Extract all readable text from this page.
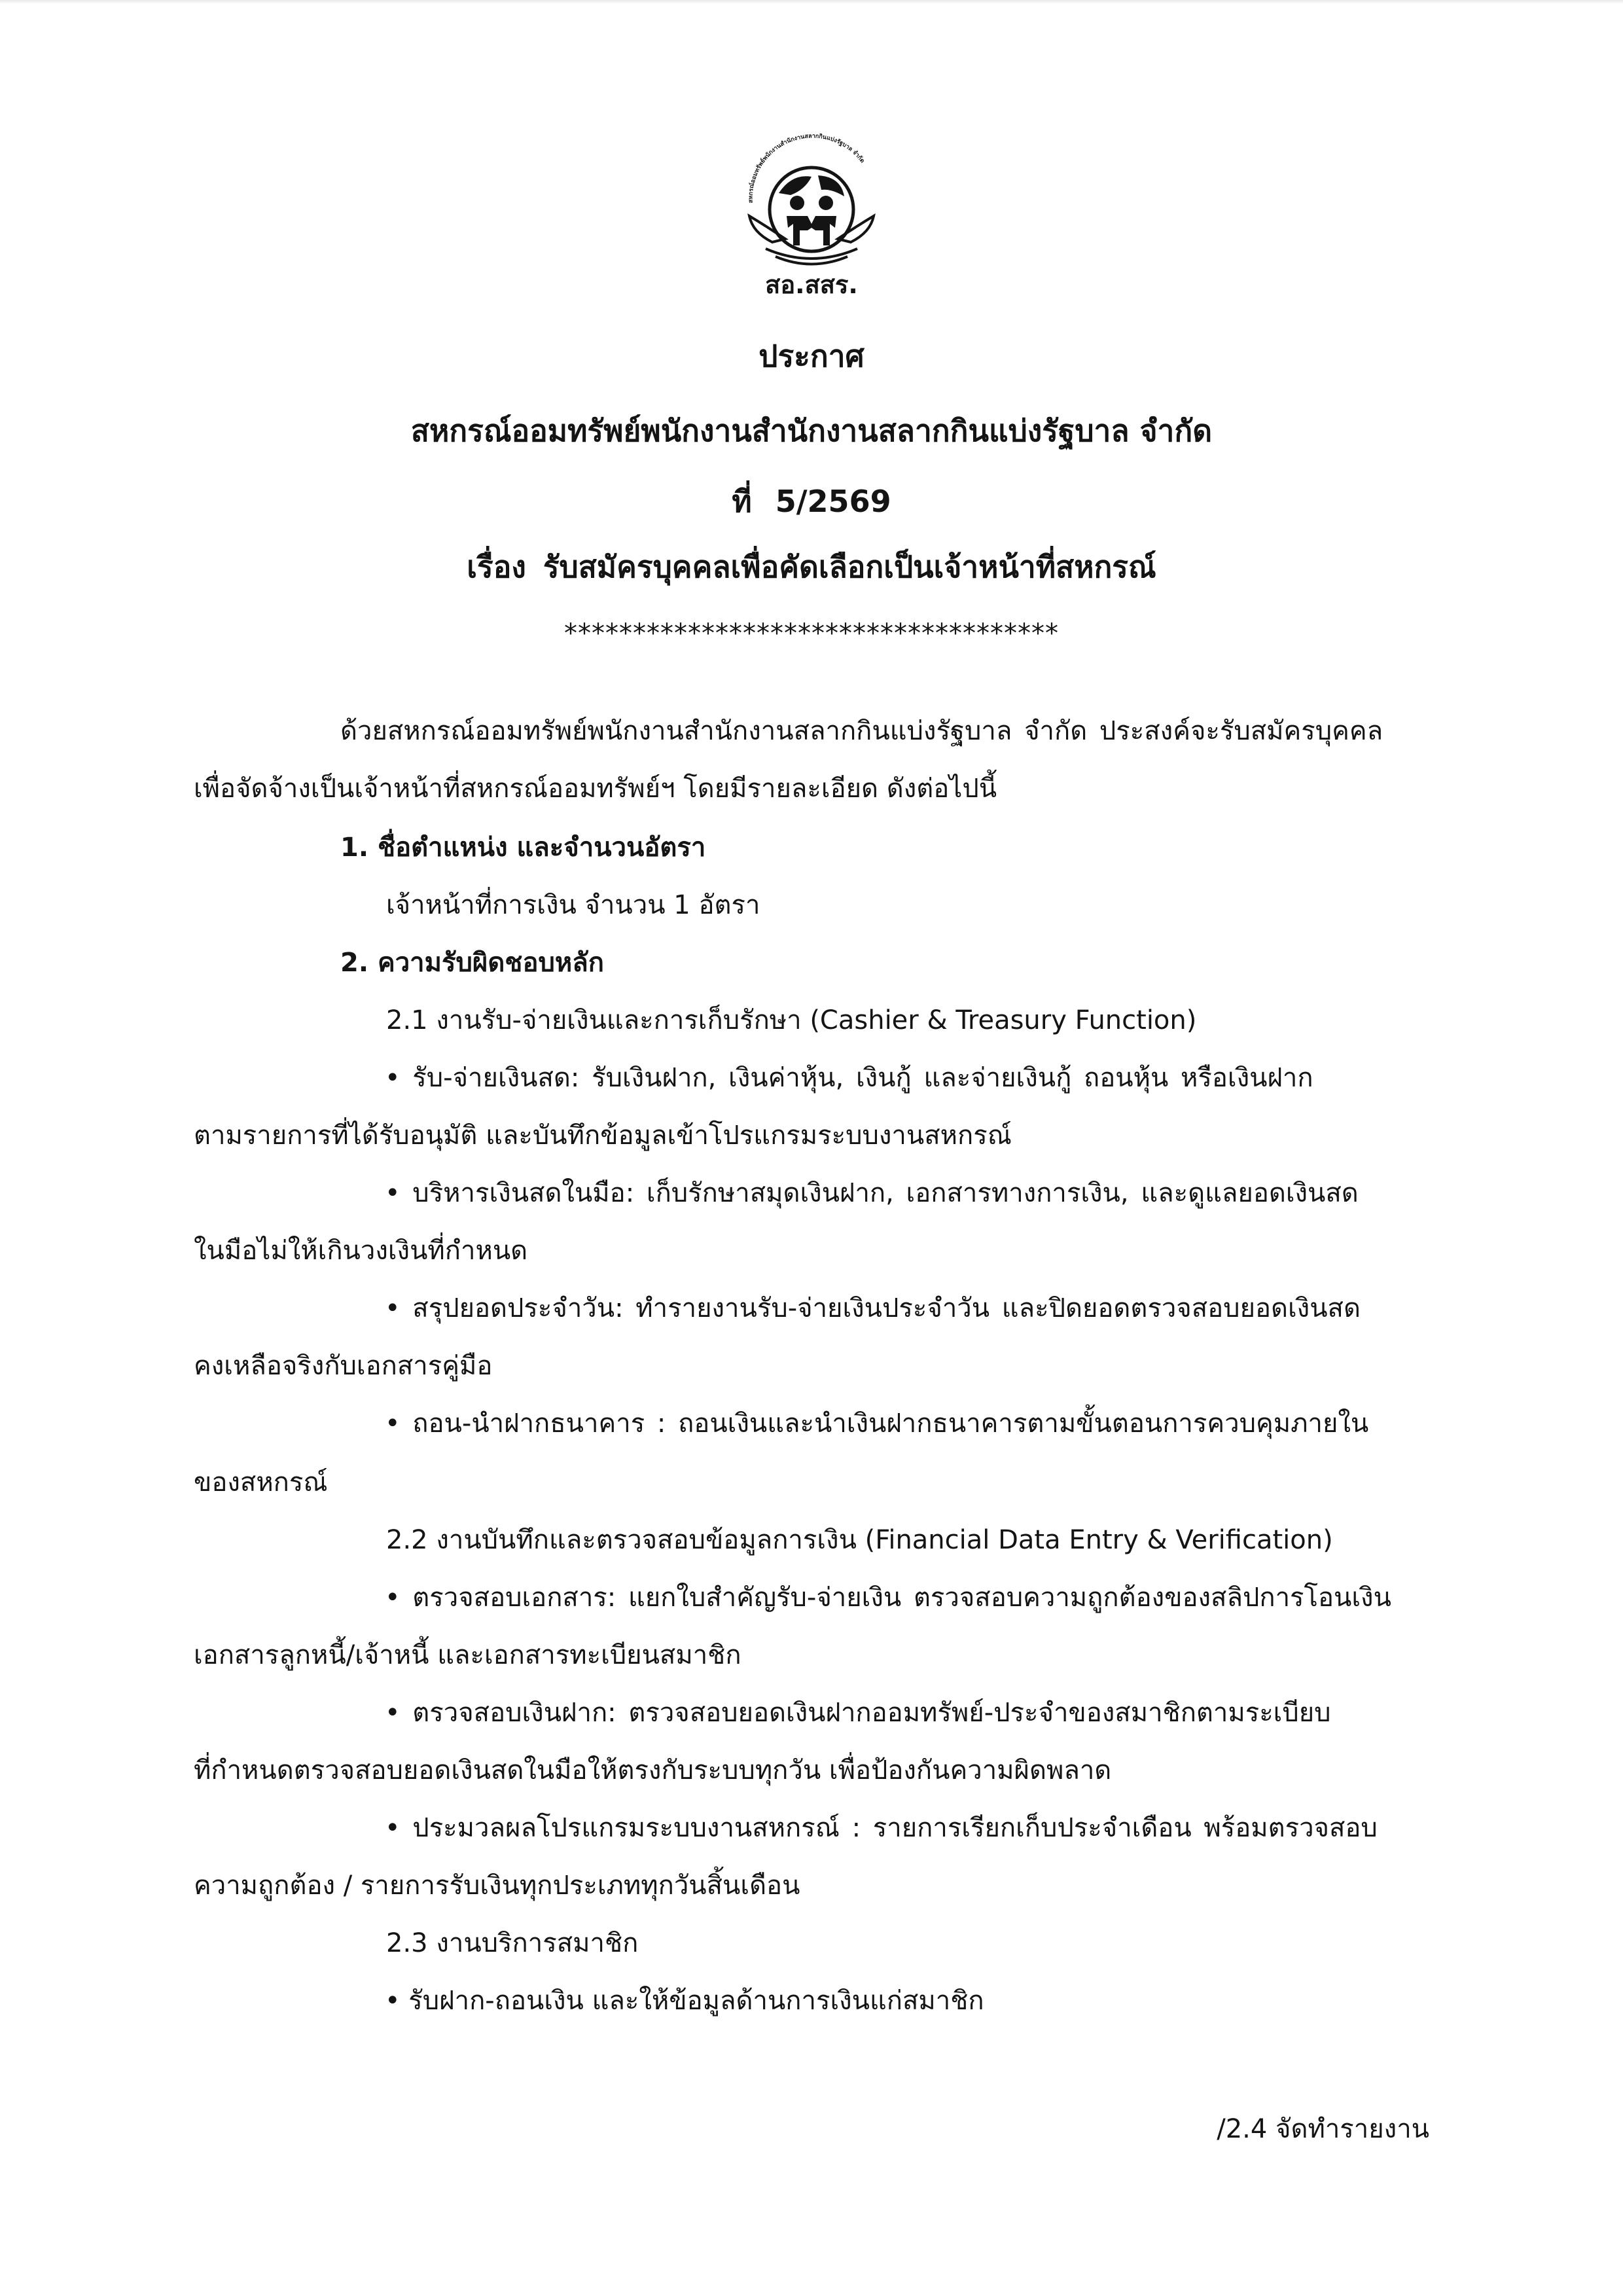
สหกรณ์ออมทรัพย์พนักงานสำนักงานสลากกินแบ่งรัฐบาล จำกัด
สอ.สสร.
ประกาศ
สหกรณ์ออมทรัพย์พนักงานสำนักงานสลากกินแบ่งรัฐบาล จำกัด
ที่ 5/2569
เรื่อง รับสมัครบุคคลเพื่อคัดเลือกเป็นเจ้าหน้าที่สหกรณ์
************************************
ด้วยสหกรณ์ออมทรัพย์พนักงานสำนักงานสลากกินแบ่งรัฐบาล จำกัด ประสงค์จะรับสมัครบุคคล
เพื่อจัดจ้างเป็นเจ้าหน้าที่สหกรณ์ออมทรัพย์ฯ โดยมีรายละเอียด ดังต่อไปนี้
1. ชื่อตำแหน่ง และจำนวนอัตรา
เจ้าหน้าที่การเงิน จำนวน 1 อัตรา
2. ความรับผิดชอบหลัก
2.1 งานรับ-จ่ายเงินและการเก็บรักษา (Cashier & Treasury Function)
• รับ-จ่ายเงินสด: รับเงินฝาก, เงินค่าหุ้น, เงินกู้ และจ่ายเงินกู้ ถอนหุ้น หรือเงินฝาก
ตามรายการที่ได้รับอนุมัติ และบันทึกข้อมูลเข้าโปรแกรมระบบงานสหกรณ์
• บริหารเงินสดในมือ: เก็บรักษาสมุดเงินฝาก, เอกสารทางการเงิน, และดูแลยอดเงินสด
ในมือไม่ให้เกินวงเงินที่กำหนด
• สรุปยอดประจำวัน: ทำรายงานรับ-จ่ายเงินประจำวัน และปิดยอดตรวจสอบยอดเงินสด
คงเหลือจริงกับเอกสารคู่มือ
• ถอน-นำฝากธนาคาร : ถอนเงินและนำเงินฝากธนาคารตามขั้นตอนการควบคุมภายใน
ของสหกรณ์
2.2 งานบันทึกและตรวจสอบข้อมูลการเงิน (Financial Data Entry & Verification)
• ตรวจสอบเอกสาร: แยกใบสำคัญรับ-จ่ายเงิน ตรวจสอบความถูกต้องของสลิปการโอนเงิน
เอกสารลูกหนี้/เจ้าหนี้ และเอกสารทะเบียนสมาชิก
• ตรวจสอบเงินฝาก: ตรวจสอบยอดเงินฝากออมทรัพย์-ประจำของสมาชิกตามระเบียบ
ที่กำหนดตรวจสอบยอดเงินสดในมือให้ตรงกับระบบทุกวัน เพื่อป้องกันความผิดพลาด
• ประมวลผลโปรแกรมระบบงานสหกรณ์ : รายการเรียกเก็บประจำเดือน พร้อมตรวจสอบ
ความถูกต้อง / รายการรับเงินทุกประเภททุกวันสิ้นเดือน
2.3 งานบริการสมาชิก
• รับฝาก-ถอนเงิน และให้ข้อมูลด้านการเงินแก่สมาชิก
/2.4 จัดทำรายงาน
